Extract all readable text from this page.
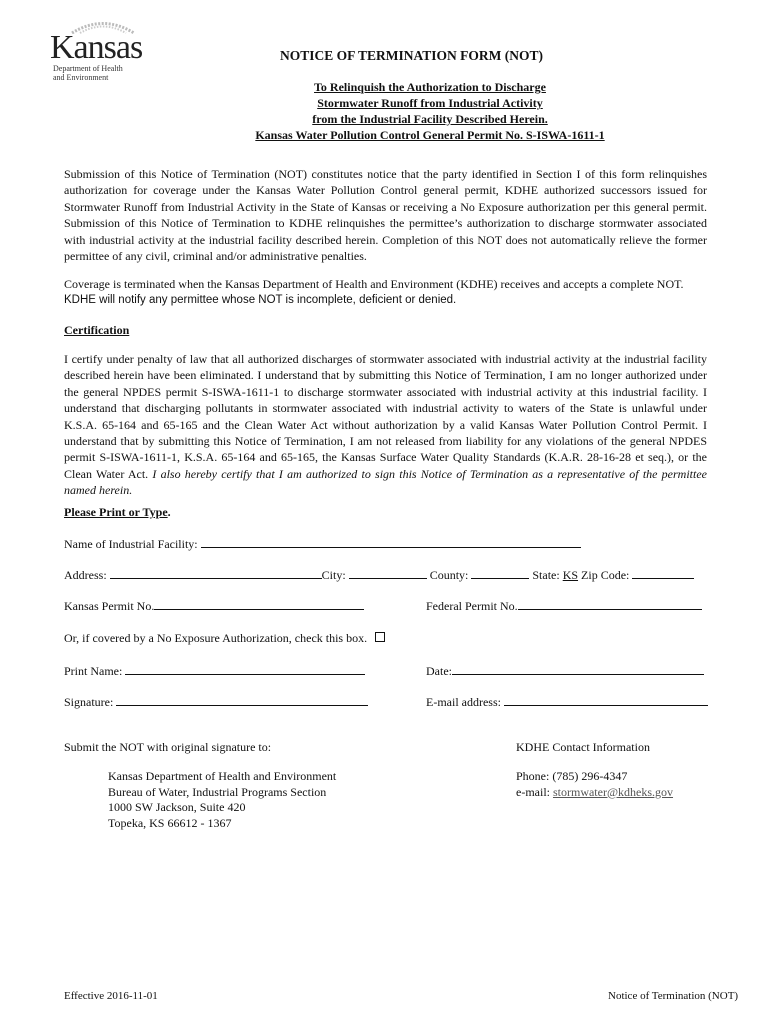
Kansas
Department of Health
and Environment
NOTICE OF TERMINATION FORM (NOT)
To Relinquish the Authorization to Discharge
Stormwater Runoff from Industrial Activity
from the Industrial Facility Described Herein.
Kansas Water Pollution Control General Permit No. S-ISWA-1611-1
Submission of this Notice of Termination (NOT) constitutes notice that the party identified in Section I of this form relinquishes authorization for coverage under the Kansas Water Pollution Control general permit, KDHE authorized successors issued for Stormwater Runoff from Industrial Activity in the State of Kansas or receiving a No Exposure authorization per this general permit. Submission of this Notice of Termination to KDHE relinquishes the permittee’s authorization to discharge stormwater associated with industrial activity at the industrial facility described herein. Completion of this NOT does not automatically relieve the former permittee of any civil, criminal and/or administrative penalties.
Coverage is terminated when the Kansas Department of Health and Environment (KDHE) receives and accepts a complete NOT.
KDHE will notify any permittee whose NOT is incomplete, deficient or denied.
Certification
I certify under penalty of law that all authorized discharges of stormwater associated with industrial activity at the industrial facility described herein have been eliminated. I understand that by submitting this Notice of Termination, I am no longer authorized under the general NPDES permit S-ISWA-1611-1 to discharge stormwater associated with industrial activity at this industrial facility. I understand that discharging pollutants in stormwater associated with industrial activity to waters of the State is unlawful under K.S.A. 65-164 and 65-165 and the Clean Water Act without authorization by a valid Kansas Water Pollution Control Permit. I understand that by submitting this Notice of Termination, I am not released from liability for any violations of the general NPDES permit S-ISWA-1611-1, K.S.A. 65-164 and 65-165, the Kansas Surface Water Quality Standards (K.A.R. 28-16-28 et seq.), or the Clean Water Act. I also hereby certify that I am authorized to sign this Notice of Termination as a representative of the permittee named herein.
Please Print or Type.
Name of Industrial Facility:
Address:	City:	County:	State: KS Zip Code:
Kansas Permit No.	Federal Permit No.
Or, if covered by a No Exposure Authorization, check this box.
Print Name:	Date:
Signature:	E-mail address:
Submit the NOT with original signature to:
Kansas Department of Health and Environment
Bureau of Water, Industrial Programs Section
1000 SW Jackson, Suite 420
Topeka, KS 66612 - 1367
KDHE Contact Information
Phone: (785) 296-4347
e-mail: stormwater@kdheks.gov
Effective 2016-11-01	Notice of Termination (NOT)
